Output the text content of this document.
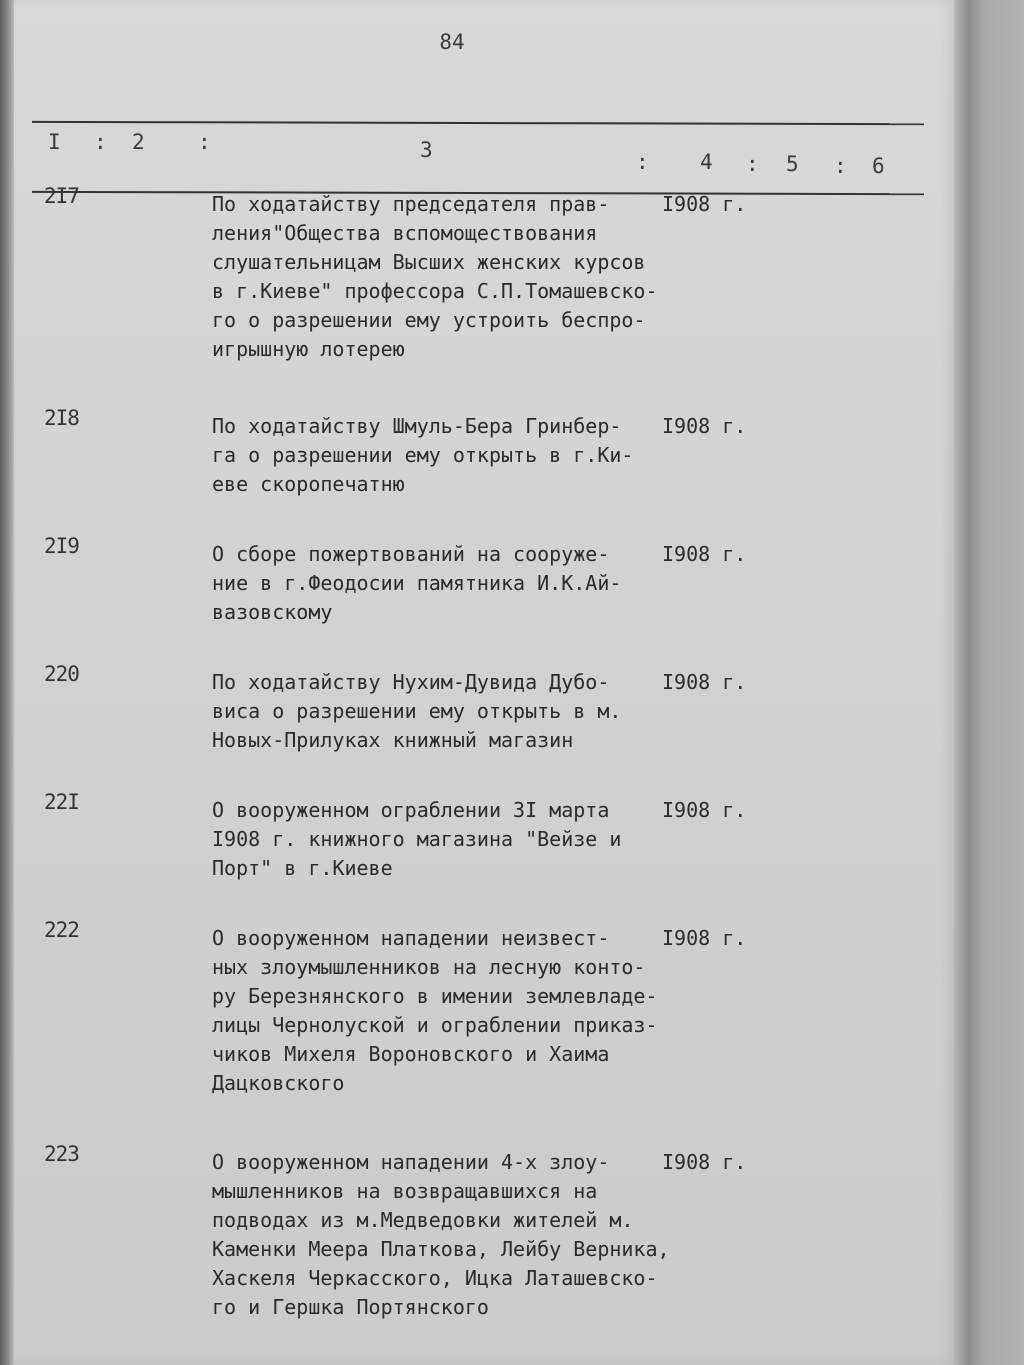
84
I : 2	:	3	: 4 : 5 : 6
2I7	По ходатайству председателя прав-
ления"Общества вспомоществования
слушательницам Высших женских курсов
в г.Киеве" профессора С.П.Томашевско-
го о разрешении ему устроить беспро-
игрышную лотерею
I908 г.
2I8	По ходатайству Шмуль-Бера Гринбер-
га о разрешении ему открыть в г.Ки-
еве скоропечатню
I908 г.
2I9	О сборе пожертвований на сооруже-
ние в г.Феодосии памятника И.К.Ай-
вазовскому
I908 г.
220	По ходатайству Нухим-Дувида Дубо-
виса о разрешении ему открыть в м.
Новых-Прилуках книжный магазин
I908 г.
22I	О вооруженном ограблении 3I марта
I908 г. книжного магазина "Вейзе и
Порт" в г.Киеве
I908 г.
222	О вооруженном нападении неизвест-
ных злоумышленников на лесную конто-
ру Березнянского в имении землевладе-
лицы Чернолуской и ограблении приказ-
чиков Михеля Вороновского и Хаима
Дацковского
I908 г.
223	О вооруженном нападении 4-х злоу-
мышленников на возвращавшихся на
подводах из м.Медведовки жителей м.
Каменки Меера Платкова, Лейбу Верника,
Хаскеля Черкасского, Ицка Латашевско-
го и Гершка Портянского
I908 г.
